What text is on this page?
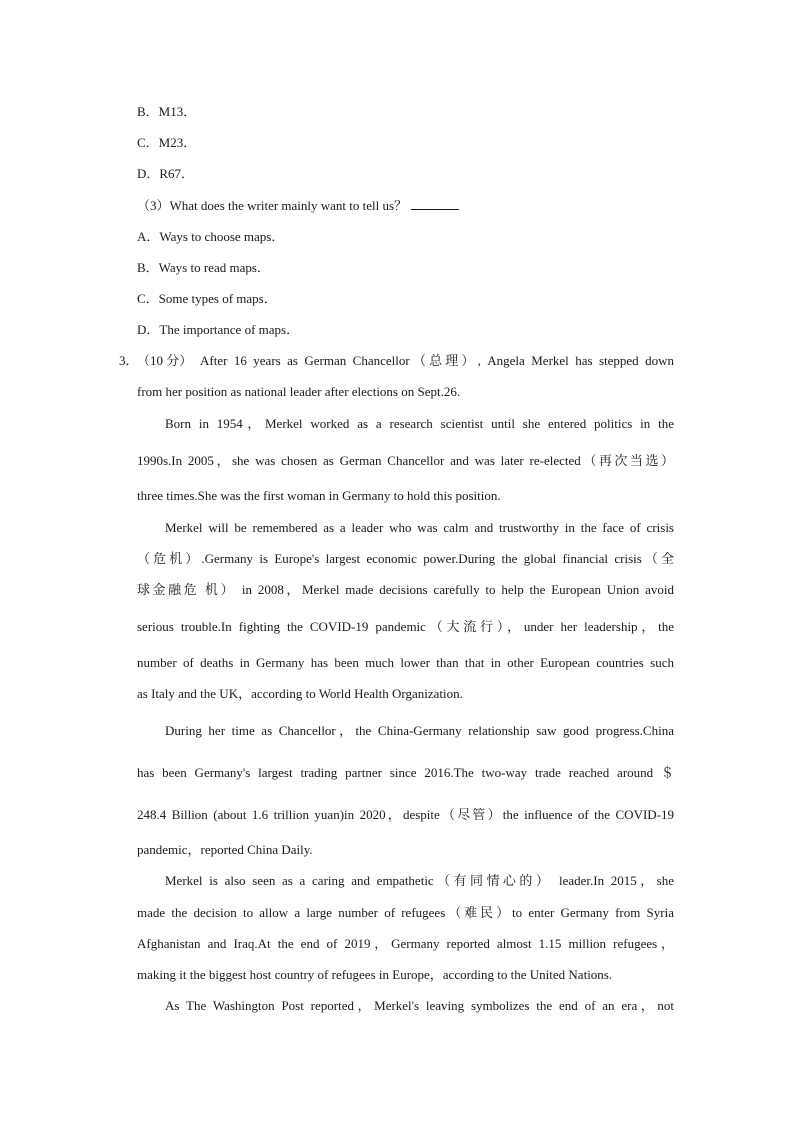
B．M13．
C．M23．
D．R67．
（3）What does the writer mainly want to tell us？
A．Ways to choose maps．
B．Ways to read maps．
C．Some types of maps．
D．The importance of maps．
3．
（10 分） After 16 years as German Chancellor（总理）, Angela Merkel has stepped down
from her position as national leader after elections on Sept.26.
Born in 1954，Merkel worked as a research scientist until she entered politics in the
1990s.In 2005，she was chosen as German Chancellor and was later re-elected（再次当选）
three times.She was the first woman in Germany to hold this position.
Merkel will be remembered as a leader who was calm and trustworthy in the face of crisis
（危机）.Germany is Europe's largest economic power.During the global financial crisis（全
球金融危 机） in 2008，Merkel made decisions carefully to help the European Union avoid
serious trouble.In fighting the COVID-19 pandemic（大流行），under her leadership，the
number of deaths in Germany has been much lower than that in other European countries such
as Italy and the UK，according to World Health Organization.
During her time as Chancellor，the China-Germany relationship saw good progress.China
has been Germany's largest trading partner since 2016.The two-way trade reached around ＄
248.4 Billion (about 1.6 trillion yuan)in 2020，despite（尽管）the influence of the COVID-19
pandemic，reported China Daily.
Merkel is also seen as a caring and empathetic（有同情心的） leader.In 2015，she
made the decision to allow a large number of refugees（难民）to enter Germany from Syria
Afghanistan and Iraq.At the end of 2019，Germany reported almost 1.15 million refugees，
making it the biggest host country of refugees in Europe，according to the United Nations.
As The Washington Post reported，Merkel's leaving symbolizes the end of an era，not
